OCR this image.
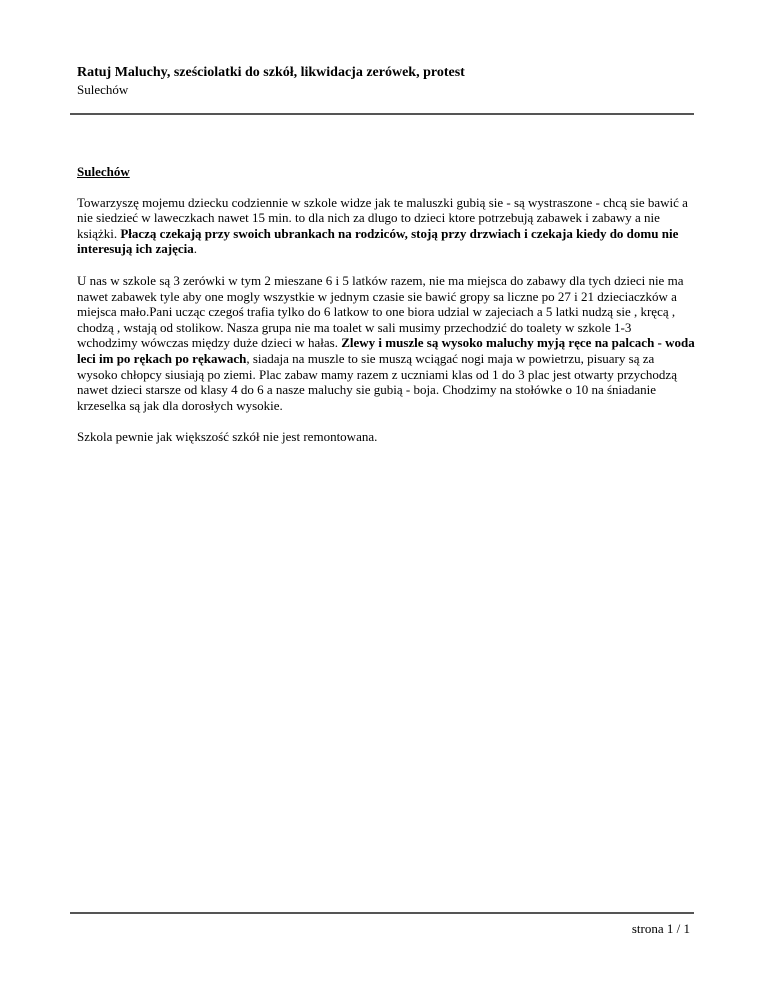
Ratuj Maluchy, sześciolatki do szkół, likwidacja zerówek, protest

Sulechów

Sulechów

Towarzyszę mojemu dziecku codziennie w szkole widze jak te maluszki gubią sie - są wystraszone - chcą sie bawić a nie siedzieć w laweczkach nawet 15 min. to dla nich za dlugo to dzieci ktore potrzebują zabawek i zabawy a nie książki. Płaczą czekają przy swoich ubrankach na rodziców, stoją przy drzwiach i czekaja kiedy do domu nie interesują ich zajęcia.

U nas w szkole są 3 zerówki w tym 2 mieszane 6 i 5 latków razem, nie ma miejsca do zabawy dla tych dzieci nie ma nawet zabawek tyle aby one mogly wszystkie w jednym czasie sie bawić gropy sa liczne po 27 i 21 dzieciaczków a miejsca mało.Pani ucząc czegoś trafia tylko do 6 latkow to one biora udzial w zajeciach a 5 latki nudzą sie , kręcą , chodzą , wstają od stolikow. Nasza grupa nie ma toalet w sali musimy przechodzić do toalety w szkole 1-3 wchodzimy wówczas między duże dzieci w hałas. Zlewy i muszle są wysoko maluchy myją ręce na palcach - woda leci im po rękach po rękawach, siadaja na muszle to sie muszą wciągać nogi maja w powietrzu, pisuary są za wysoko chłopcy siusiają po ziemi. Plac zabaw mamy razem z uczniami klas od 1 do 3 plac jest otwarty przychodzą nawet dzieci starsze od klasy 4 do 6 a nasze maluchy sie gubią - boja. Chodzimy na stołówke o 10 na śniadanie krzeselka są jak dla dorosłych wysokie.

Szkola pewnie jak większość szkół nie jest remontowana.

strona 1 / 1
